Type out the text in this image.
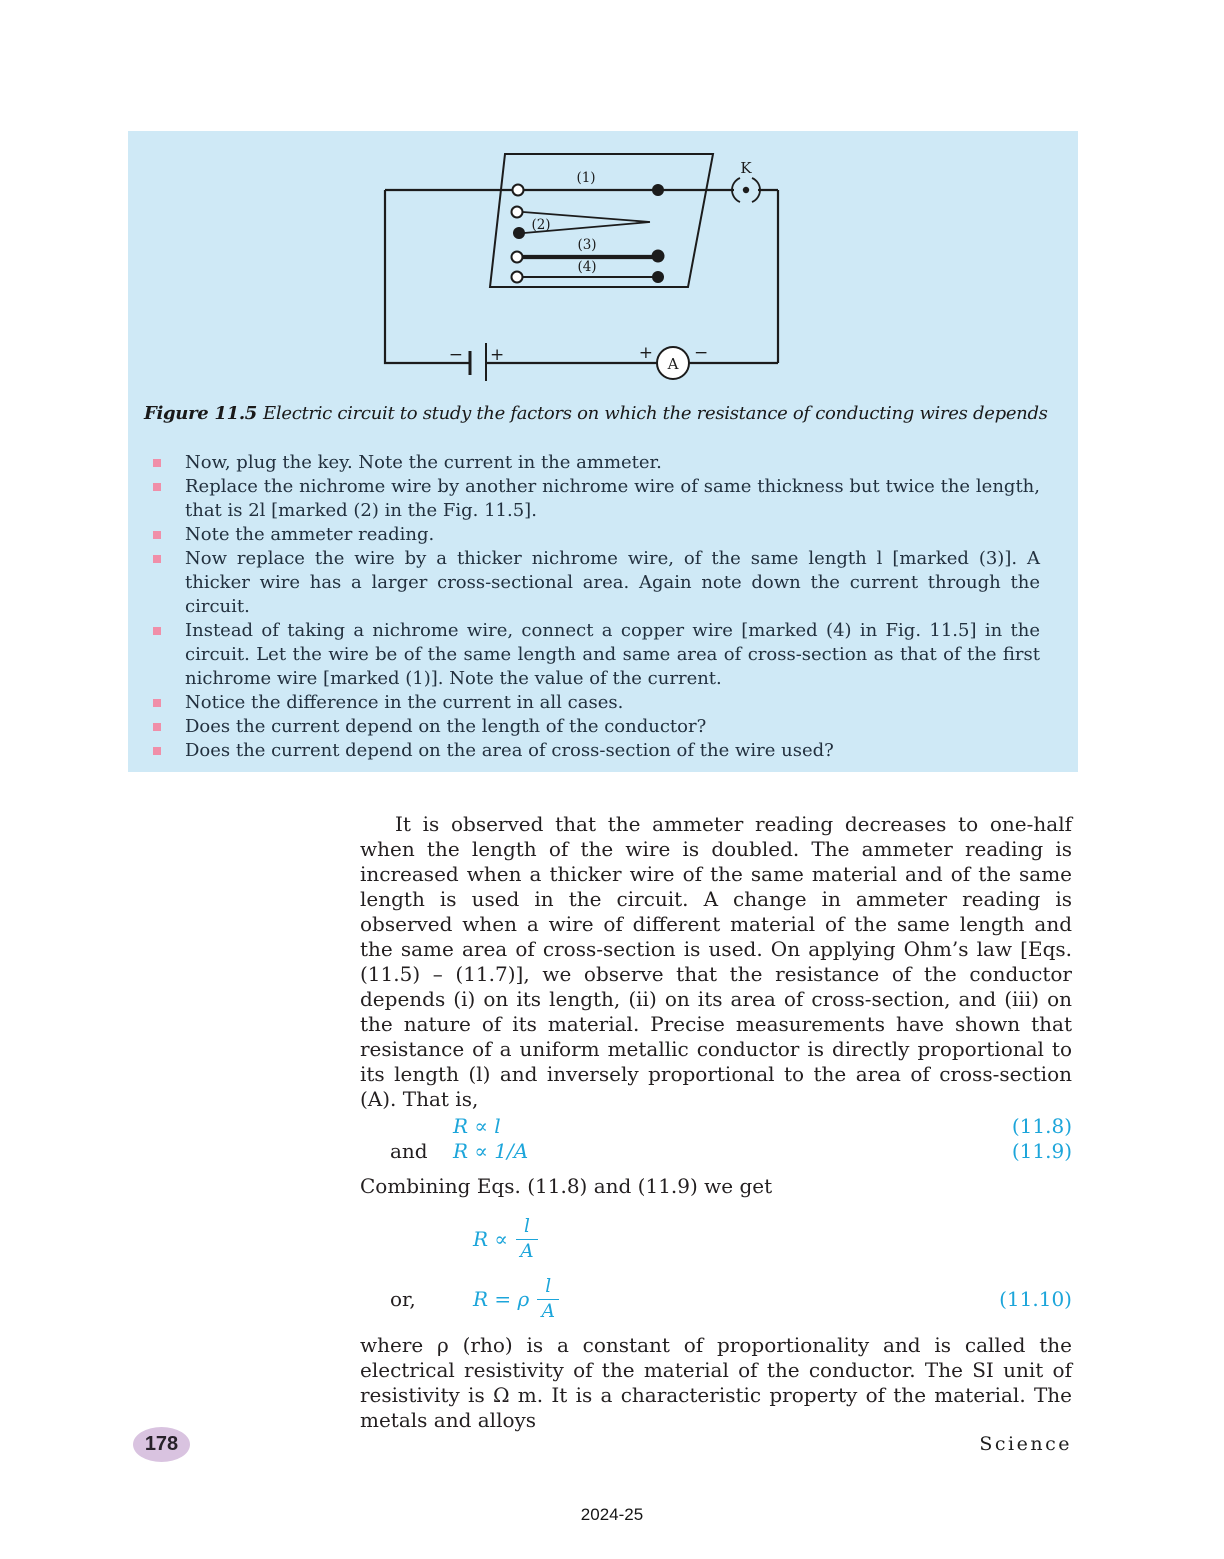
− +
K
(1)
(2)
(3)
(4)
A
+ −

Figure 11.5 Electric circuit to study the factors on which the resistance of conducting wires depends

Now, plug the key. Note the current in the ammeter.
Replace the nichrome wire by another nichrome wire of same thickness but twice the length, that is 2l [marked (2) in the Fig. 11.5].
Note the ammeter reading.
Now replace the wire by a thicker nichrome wire, of the same length l [marked (3)]. A thicker wire has a larger cross-sectional area. Again note down the current through the circuit.
Instead of taking a nichrome wire, connect a copper wire [marked (4) in Fig. 11.5] in the circuit. Let the wire be of the same length and same area of cross-section as that of the first nichrome wire [marked (1)]. Note the value of the current.
Notice the difference in the current in all cases.
Does the current depend on the length of the conductor?
Does the current depend on the area of cross-section of the wire used?

It is observed that the ammeter reading decreases to one-half when the length of the wire is doubled. The ammeter reading is increased when a thicker wire of the same material and of the same length is used in the circuit. A change in ammeter reading is observed when a wire of different material of the same length and the same area of cross-section is used. On applying Ohm’s law [Eqs. (11.5) – (11.7)], we observe that the resistance of the conductor depends (i) on its length, (ii) on its area of cross-section, and (iii) on the nature of its material. Precise measurements have shown that resistance of a uniform metallic conductor is directly proportional to its length (l) and inversely proportional to the area of cross-section (A). That is,

R ∝ l	(11.8)
and	R ∝ 1/A	(11.9)

Combining Eqs. (11.8) and (11.9) we get

$R \propto \frac{l}{A}$
or,	R = ρ $\frac{l}{A}$	(11.10)

where ρ (rho) is a constant of proportionality and is called the electrical resistivity of the material of the conductor. The SI unit of resistivity is Ω m. It is a characteristic property of the material. The metals and alloys

178	Science
2024-25
